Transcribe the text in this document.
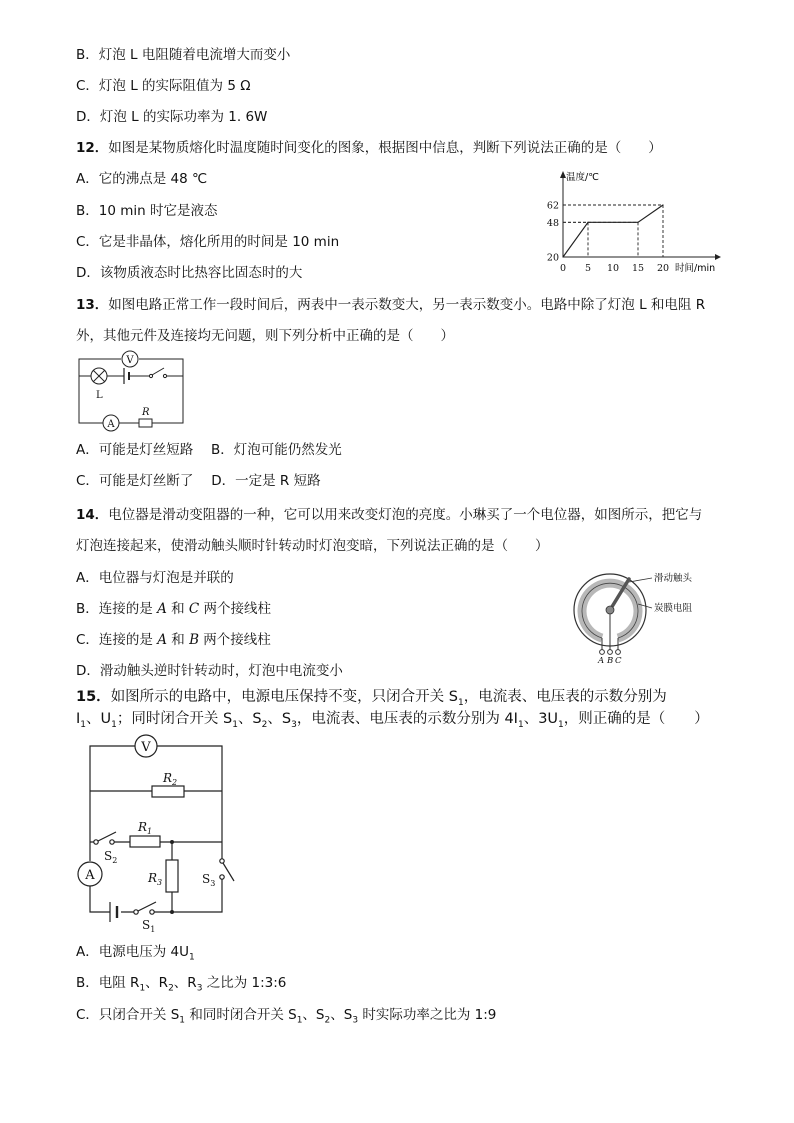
B．灯泡 L 电阻随着电流增大而变小
C．灯泡 L 的实际阻值为 5 Ω
D．灯泡 L 的实际功率为 1. 6W
12．如图是某物质熔化时温度随时间变化的图象，根据图中信息，判断下列说法正确的是（　　）
A．它的沸点是 48 ℃
B．10 min 时它是液态
C．它是非晶体，熔化所用的时间是 10 min
D．该物质液态时比热容比固态时的大	0 5 10 15 20
20
48
62
温度/℃
时间/min
13．如图电路正常工作一段时间后，两表中一表示数变大，另一表示数变小。电路中除了灯泡 L 和电阻 R
外，其他元件及连接均无问题，则下列分析中正确的是（　　）
V
L
A
R
A．可能是灯丝短路　 B．灯泡可能仍然发光
C．可能是灯丝断了　 D．一定是 R 短路
14．电位器是滑动变阻器的一种，它可以用来改变灯泡的亮度。小琳买了一个电位器，如图所示，把它与
灯泡连接起来，使滑动触头顺时针转动时灯泡变暗，下列说法正确的是（　　）
A．电位器与灯泡是并联的
B．连接的是 A 和 C 两个接线柱
C．连接的是 A 和 B 两个接线柱
D．滑动触头逆时针转动时，灯泡中电流变小
A B C
滑动触头
炭膜电阻
15．如图所示的电路中，电源电压保持不变，只闭合开关 $S_1$，电流表、电压表的示数分别为
$I_1$、$U_1$；同时闭合开关 $S_1$、$S_2$、$S_3$，电流表、电压表的示数分别为 $4I_1$、$3U_1$，则正确的是（　　）
V
$R_2$
$S_2$
$R_1$
$R_3$	$S_3$
A
$S_1$
A．电源电压为 $4U_1$
B．电阻 $R_1$、$R_2$、$R_3$ 之比为 1:3:6
C．只闭合开关 $S_1$ 和同时闭合开关 $S_1$、$S_2$、$S_3$ 时实际功率之比为 1:9
